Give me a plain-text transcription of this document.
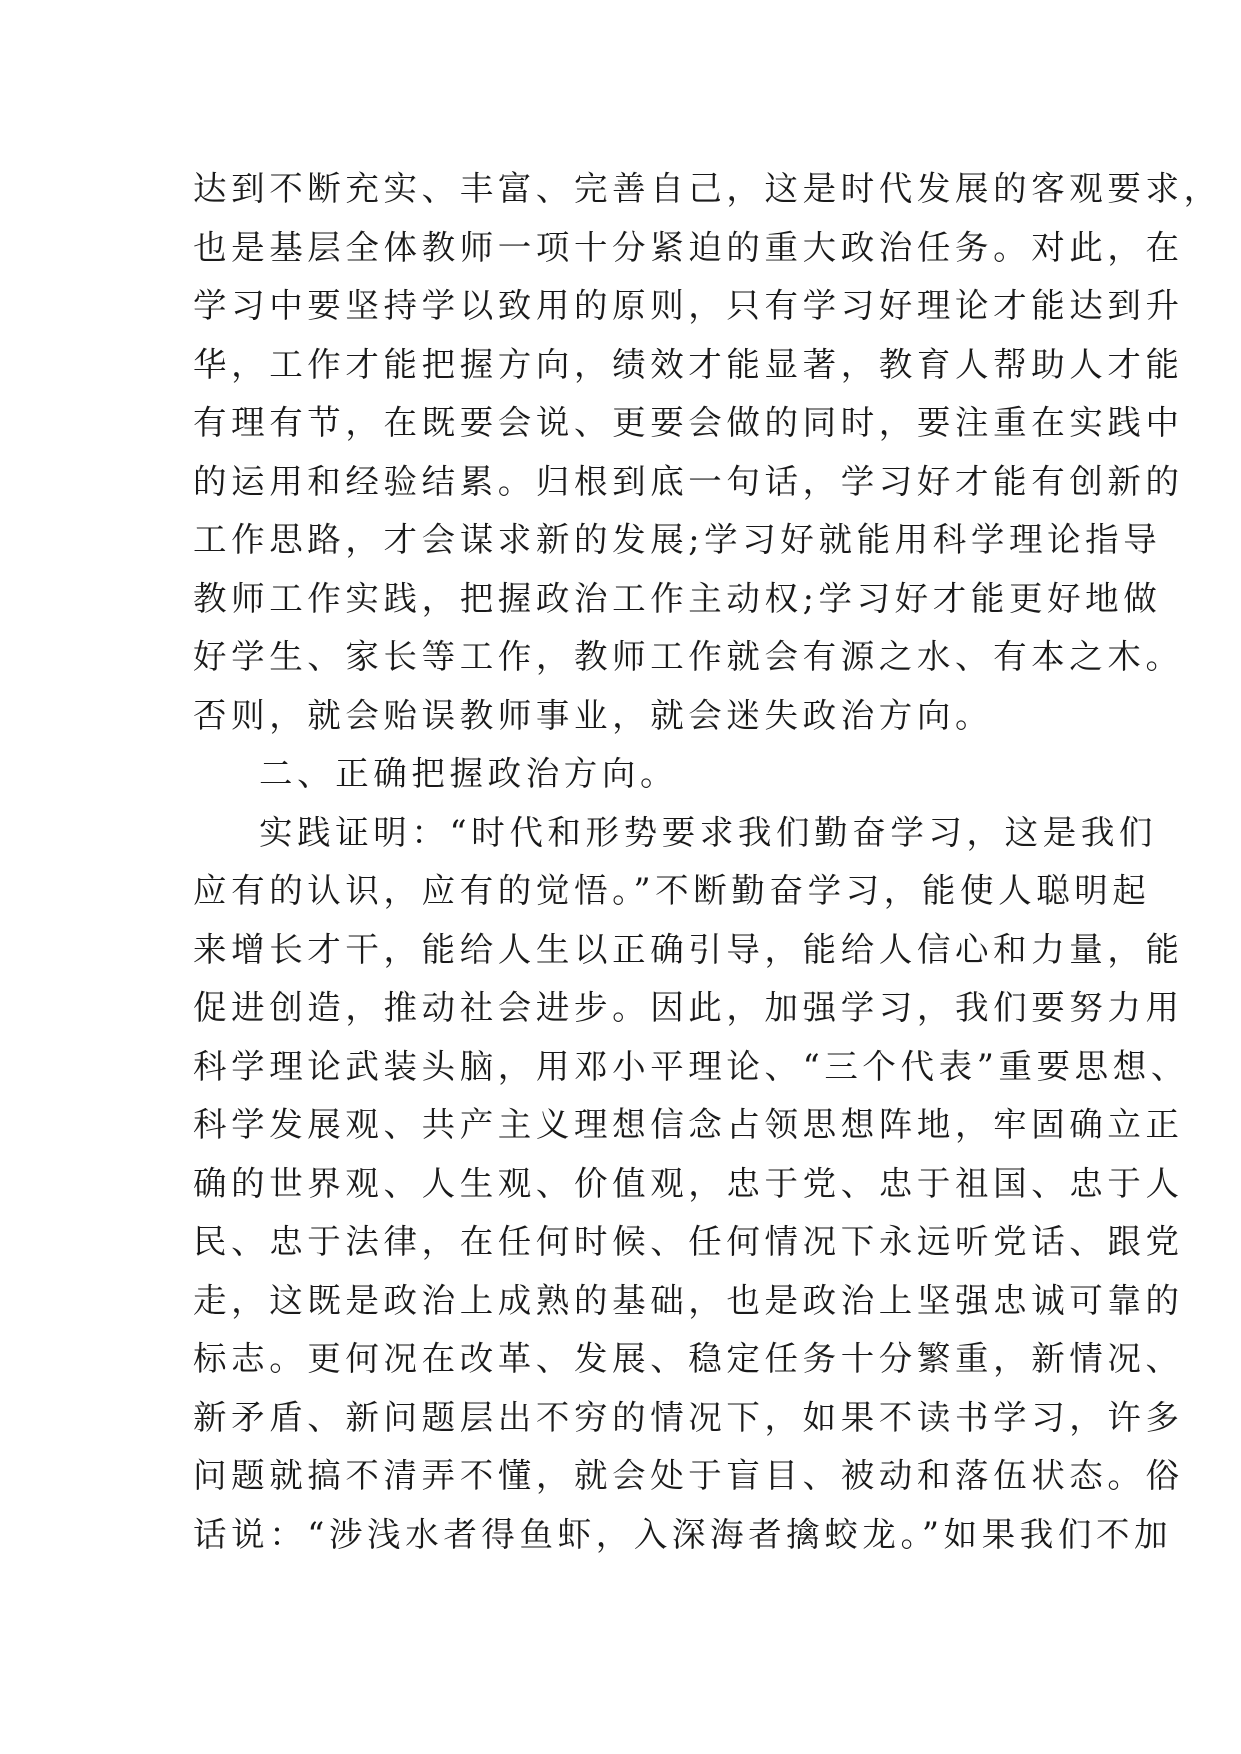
达到不断充实、丰富、完善自己，这是时代发展的客观要求，
也是基层全体教师一项十分紧迫的重大政治任务。对此，在
学习中要坚持学以致用的原则，只有学习好理论才能达到升
华，工作才能把握方向，绩效才能显著，教育人帮助人才能
有理有节，在既要会说、更要会做的同时，要注重在实践中
的运用和经验结累。归根到底一句话，学习好才能有创新的
工作思路，才会谋求新的发展;学习好就能用科学理论指导
教师工作实践，把握政治工作主动权;学习好才能更好地做
好学生、家长等工作，教师工作就会有源之水、有本之木。
否则，就会贻误教师事业，就会迷失政治方向。
二、正确把握政治方向。
实践证明：“时代和形势要求我们勤奋学习，这是我们
应有的认识，应有的觉悟。”不断勤奋学习，能使人聪明起
来增长才干，能给人生以正确引导，能给人信心和力量，能
促进创造，推动社会进步。因此，加强学习，我们要努力用
科学理论武装头脑，用邓小平理论、“三个代表”重要思想、
科学发展观、共产主义理想信念占领思想阵地，牢固确立正
确的世界观、人生观、价值观，忠于党、忠于祖国、忠于人
民、忠于法律，在任何时候、任何情况下永远听党话、跟党
走，这既是政治上成熟的基础，也是政治上坚强忠诚可靠的
标志。更何况在改革、发展、稳定任务十分繁重，新情况、
新矛盾、新问题层出不穷的情况下，如果不读书学习，许多
问题就搞不清弄不懂，就会处于盲目、被动和落伍状态。俗
话说：“涉浅水者得鱼虾，入深海者擒蛟龙。”如果我们不加
